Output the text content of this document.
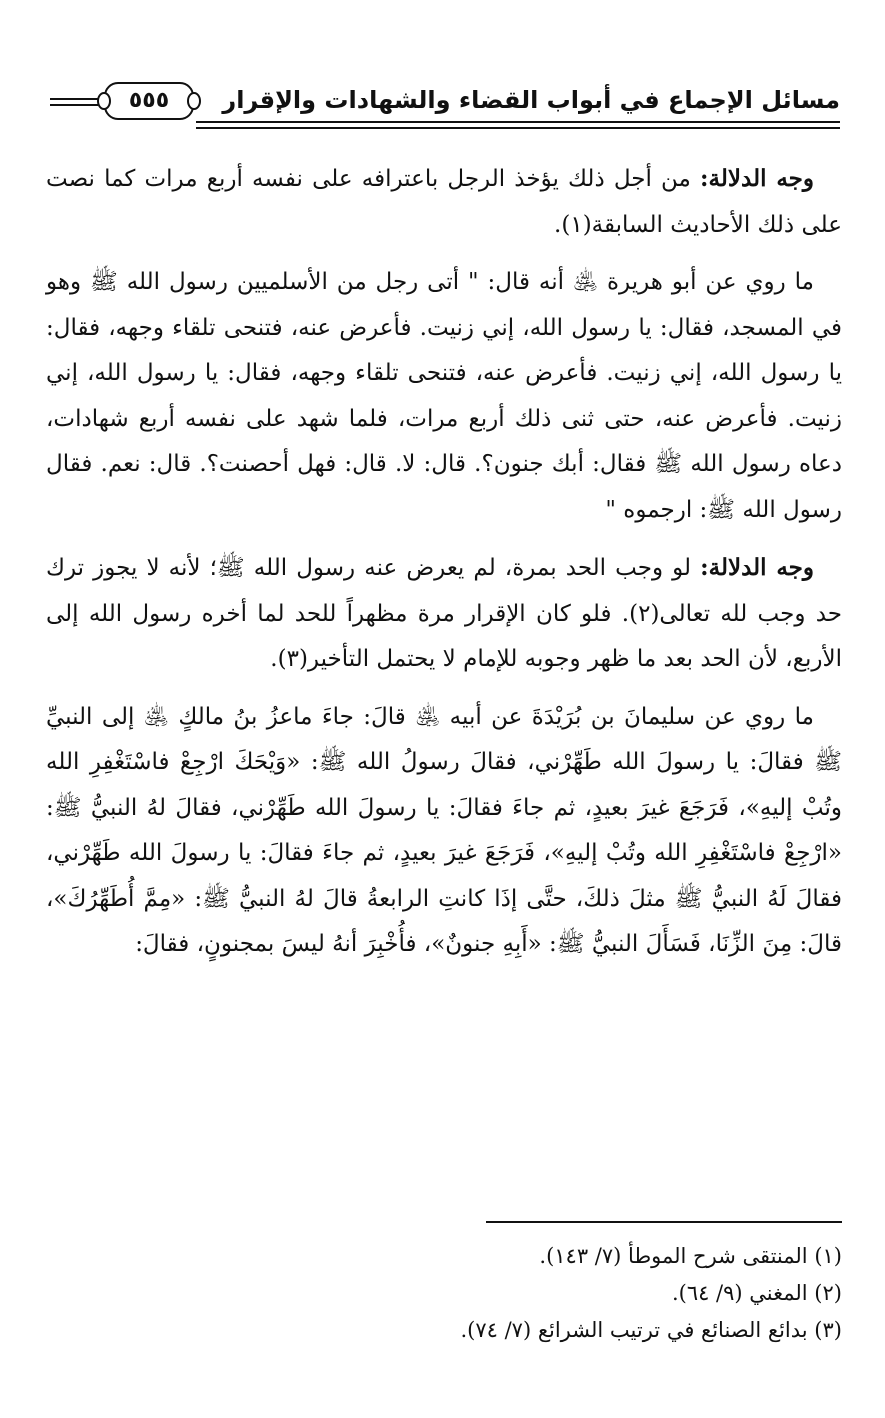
مسائل الإجماع في أبواب القضاء والشهادات والإقرار
٥٥٥

وجه الدلالة: من أجل ذلك يؤخذ الرجل باعترافه على نفسه أربع مرات كما نصت على ذلك الأحاديث السابقة(١).

ما روي عن أبو هريرة ﵁ أنه قال: " أتى رجل من الأسلميين رسول الله ﷺ وهو في المسجد، فقال: يا رسول الله، إني زنيت. فأعرض عنه، فتنحى تلقاء وجهه، فقال: يا رسول الله، إني زنيت. فأعرض عنه، فتنحى تلقاء وجهه، فقال: يا رسول الله، إني زنيت. فأعرض عنه، حتى ثنى ذلك أربع مرات، فلما شهد على نفسه أربع شهادات، دعاه رسول الله ﷺ فقال: أبك جنون؟. قال: لا. قال: فهل أحصنت؟. قال: نعم. فقال رسول الله ﷺ: ارجموه "

وجه الدلالة: لو وجب الحد بمرة، لم يعرض عنه رسول الله ﷺ؛ لأنه لا يجوز ترك حد وجب لله تعالى(٢). فلو كان الإقرار مرة مظهراً للحد لما أخره رسول الله إلى الأربع، لأن الحد بعد ما ظهر وجوبه للإمام لا يحتمل التأخير(٣).

ما روي عن سليمانَ بن بُرَيْدَةَ عن أبيه ﵁ قالَ: جاءَ ماعزُ بنُ مالكٍ ﵁ إلى النبيِّ ﷺ فقالَ: يا رسولَ الله طَهِّرْني، فقالَ رسولُ الله ﷺ: «وَيْحَكَ ارْجِعْ فاسْتَغْفِرِ الله وتُبْ إليهِ»، فَرَجَعَ غيرَ بعيدٍ، ثم جاءَ فقالَ: يا رسولَ الله طَهِّرْني، فقالَ لهُ النبيُّ ﷺ: «ارْجِعْ فاسْتَغْفِرِ الله وتُبْ إليهِ»، فَرَجَعَ غيرَ بعيدٍ، ثم جاءَ فقالَ: يا رسولَ الله طَهِّرْني، فقالَ لَهُ النبيُّ ﷺ مثلَ ذلكَ، حتَّى إذَا كانتِ الرابعةُ قالَ لهُ النبيُّ ﷺ: «مِمَّ أُطَهِّرُكَ»، قالَ: مِنَ الزِّنَا، فَسَأَلَ النبيُّ ﷺ: «أَبِهِ جنونٌ»، فأُخْبِرَ أنهُ ليسَ بمجنونٍ، فقالَ:

(١) المنتقى شرح الموطأ (٧/ ١٤٣).

(٢) المغني (٩/ ٦٤).

(٣) بدائع الصنائع في ترتيب الشرائع (٧/ ٧٤).
